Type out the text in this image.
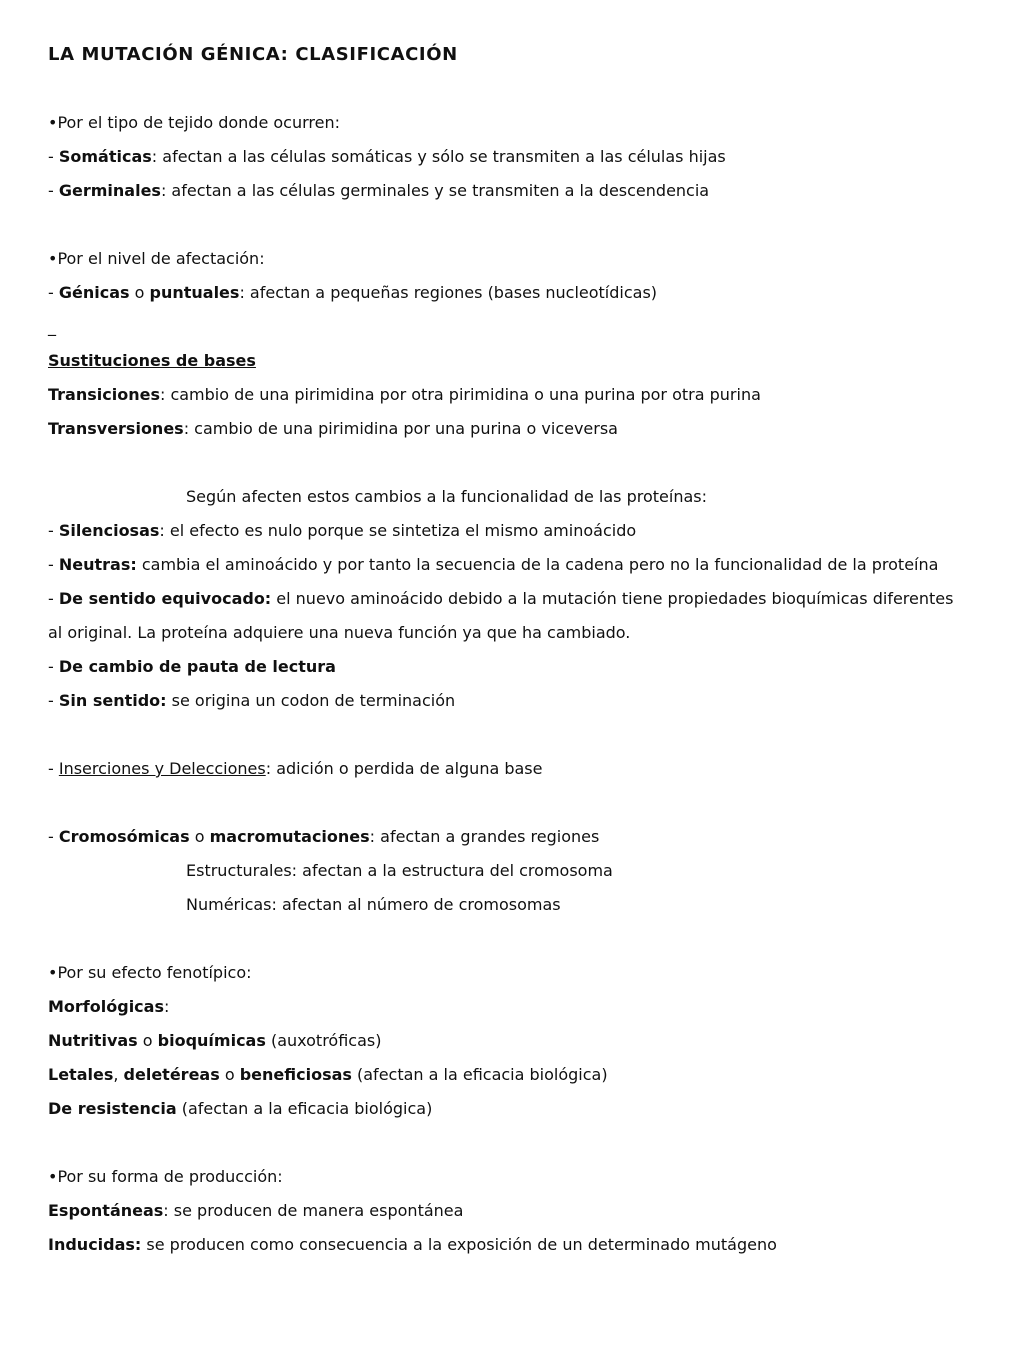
LA MUTACIÓN GÉNICA: CLASIFICACIÓN

•Por el tipo de tejido donde ocurren:

- Somáticas: afectan a las células somáticas y sólo se transmiten a las células hijas

- Germinales: afectan a las células germinales y se transmiten a la descendencia

•Por el nivel de afectación:

- Génicas o puntuales: afectan a pequeñas regiones (bases nucleotídicas)

_

Sustituciones de bases

Transiciones: cambio de una pirimidina por otra pirimidina o una purina por otra purina

Transversiones: cambio de una pirimidina por una purina o viceversa

Según afecten estos cambios a la funcionalidad de las proteínas:

- Silenciosas: el efecto es nulo porque se sintetiza el mismo aminoácido

- Neutras: cambia el aminoácido y por tanto la secuencia de la cadena pero no la funcionalidad de la proteína

- De sentido equivocado: el nuevo aminoácido debido a la mutación tiene propiedades bioquímicas diferentes al original. La proteína adquiere una nueva función ya que ha cambiado.

- De cambio de pauta de lectura

- Sin sentido: se origina un codon de terminación

- Inserciones y Delecciones: adición o perdida de alguna base

- Cromosómicas o macromutaciones: afectan a grandes regiones

Estructurales: afectan a la estructura del cromosoma

Numéricas: afectan al número de cromosomas

•Por su efecto fenotípico:

Morfológicas:

Nutritivas o bioquímicas (auxotróficas)

Letales, deletéreas o beneficiosas (afectan a la eficacia biológica)

De resistencia (afectan a la eficacia biológica)

•Por su forma de producción:

Espontáneas: se producen de manera espontánea

Inducidas: se producen como consecuencia a la exposición de un determinado mutágeno
